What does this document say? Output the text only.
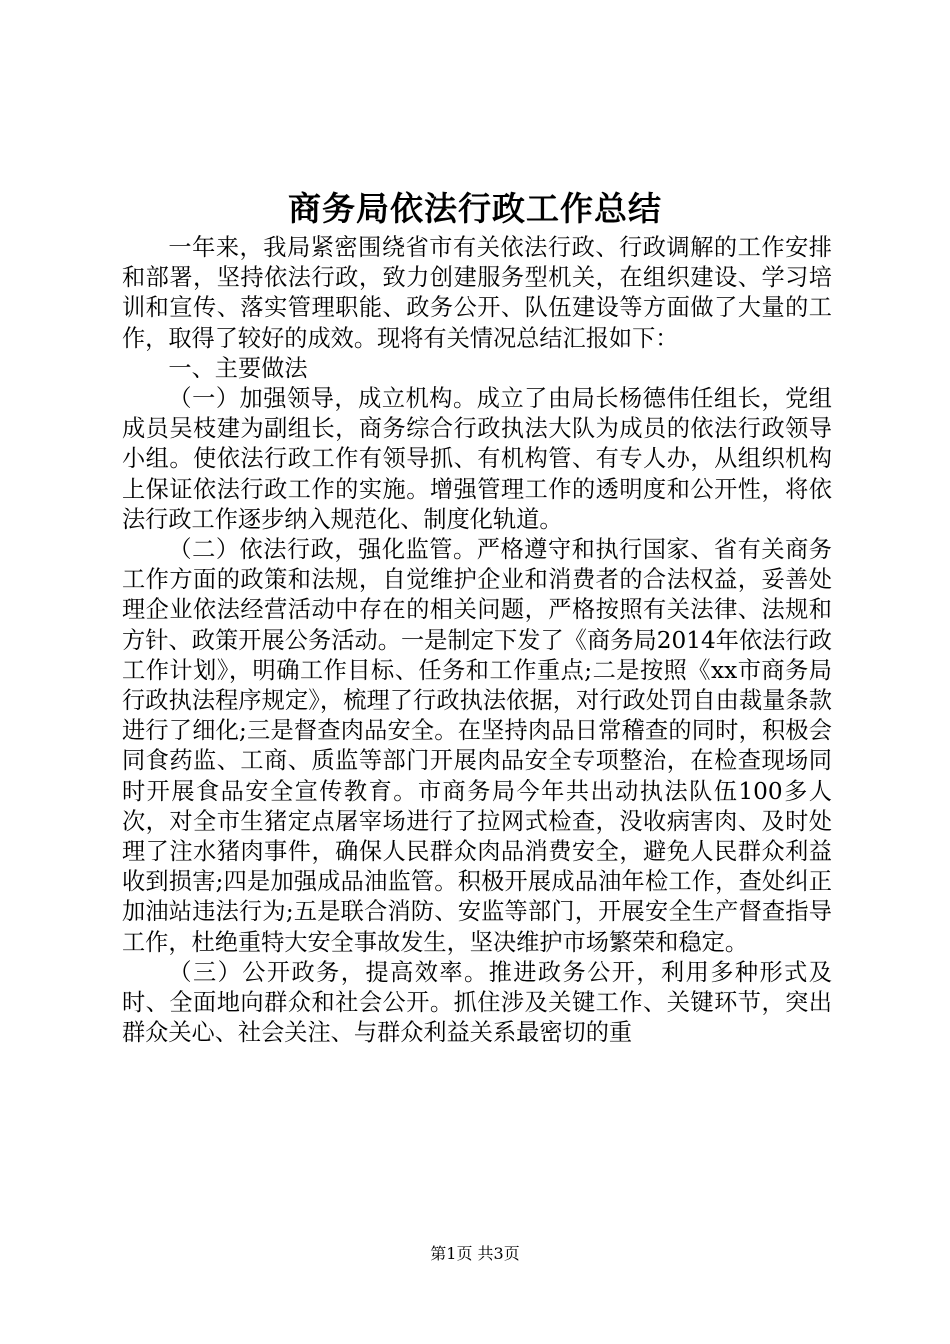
商务局依法行政工作总结

一年来，我局紧密围绕省市有关依法行政、行政调解的工作安排和部署，坚持依法行政，致力创建服务型机关，在组织建设、学习培训和宣传、落实管理职能、政务公开、队伍建设等方面做了大量的工作，取得了较好的成效。现将有关情况总结汇报如下：

一、主要做法

（一）加强领导，成立机构。成立了由局长杨德伟任组长，党组成员吴枝建为副组长，商务综合行政执法大队为成员的依法行政领导小组。使依法行政工作有领导抓、有机构管、有专人办，从组织机构上保证依法行政工作的实施。增强管理工作的透明度和公开性，将依法行政工作逐步纳入规范化、制度化轨道。

（二）依法行政，强化监管。严格遵守和执行国家、省有关商务工作方面的政策和法规，自觉维护企业和消费者的合法权益，妥善处理企业依法经营活动中存在的相关问题，严格按照有关法律、法规和方针、政策开展公务活动。一是制定下发了《商务局2014年依法行政工作计划》，明确工作目标、任务和工作重点;二是按照《xx市商务局行政执法程序规定》，梳理了行政执法依据，对行政处罚自由裁量条款进行了细化;三是督查肉品安全。在坚持肉品日常稽查的同时，积极会同食药监、工商、质监等部门开展肉品安全专项整治，在检查现场同时开展食品安全宣传教育。市商务局今年共出动执法队伍100多人次，对全市生猪定点屠宰场进行了拉网式检查，没收病害肉、及时处理了注水猪肉事件，确保人民群众肉品消费安全，避免人民群众利益收到损害;四是加强成品油监管。积极开展成品油年检工作，查处纠正加油站违法行为;五是联合消防、安监等部门，开展安全生产督查指导工作，杜绝重特大安全事故发生，坚决维护市场繁荣和稳定。

（三）公开政务，提高效率。推进政务公开，利用多种形式及时、全面地向群众和社会公开。抓住涉及关键工作、关键环节，突出群众关心、社会关注、与群众利益关系最密切的重

第1页 共3页
